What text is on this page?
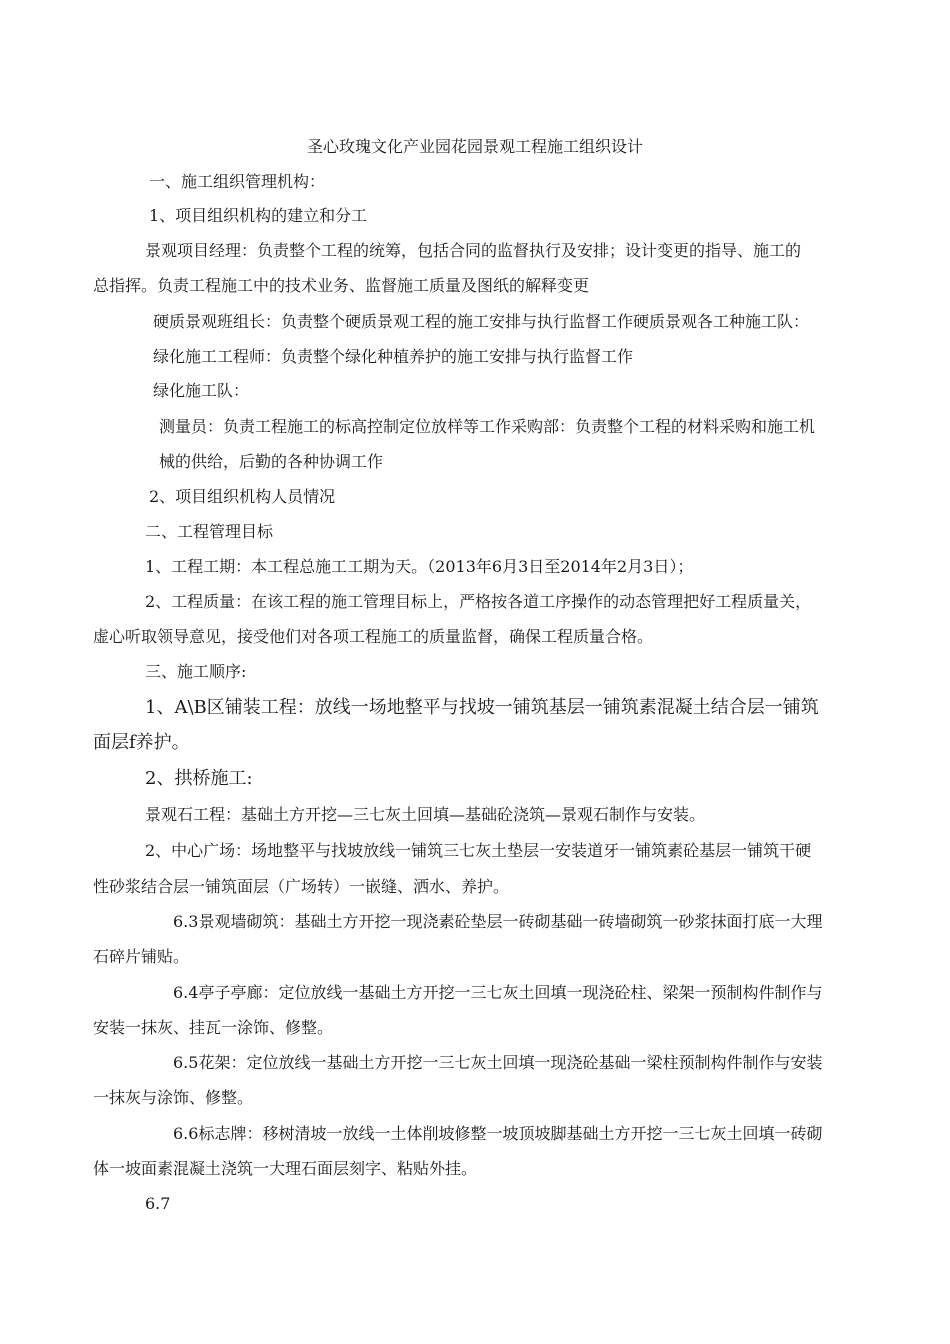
圣心玫瑰文化产业园花园景观工程施工组织设计
一、施工组织管理机构：
1、项目组织机构的建立和分工
景观项目经理：负责整个工程的统筹，包括合同的监督执行及安排；设计变更的指导、施工的
总指挥。负责工程施工中的技术业务、监督施工质量及图纸的解释变更
硬质景观班组长：负责整个硬质景观工程的施工安排与执行监督工作硬质景观各工种施工队：
绿化施工工程师：负责整个绿化种植养护的施工安排与执行监督工作
绿化施工队：
测量员：负责工程施工的标高控制定位放样等工作采购部：负责整个工程的材料采购和施工机
械的供给，后勤的各种协调工作
2、项目组织机构人员情况
二、工程管理目标
1、工程工期：本工程总施工工期为天。（2013年6月3日至2014年2月3日）；
2、工程质量：在该工程的施工管理目标上，严格按各道工序操作的动态管理把好工程质量关，
虚心听取领导意见，接受他们对各项工程施工的质量监督，确保工程质量合格。
三、施工顺序:
1、A\B区铺装工程：放线一场地整平与找坡一铺筑基层一铺筑素混凝土结合层一铺筑
面层f养护。
2、拱桥施工:
景观石工程：基础土方开挖—三七灰土回填—基础砼浇筑—景观石制作与安装。
2、中心广场：场地整平与找坡放线一铺筑三七灰土垫层一安装道牙一铺筑素砼基层一铺筑干硬
性砂浆结合层一铺筑面层（广场转）一嵌缝、洒水、养护。
6.3景观墙砌筑：基础土方开挖一现浇素砼垫层一砖砌基础一砖墙砌筑一砂浆抹面打底一大理
石碎片铺贴。
6.4亭子亭廊：定位放线一基础土方开挖一三七灰土回填一现浇砼柱、梁架一预制构件制作与
安装一抹灰、挂瓦一涂饰、修整。
6.5花架：定位放线一基础土方开挖一三七灰土回填一现浇砼基础一梁柱预制构件制作与安装
一抹灰与涂饰、修整。
6.6标志牌：移树清坡一放线一土体削坡修整一坡顶坡脚基础土方开挖一三七灰土回填一砖砌
体一坡面素混凝土浇筑一大理石面层刻字、粘贴外挂。
6.7
